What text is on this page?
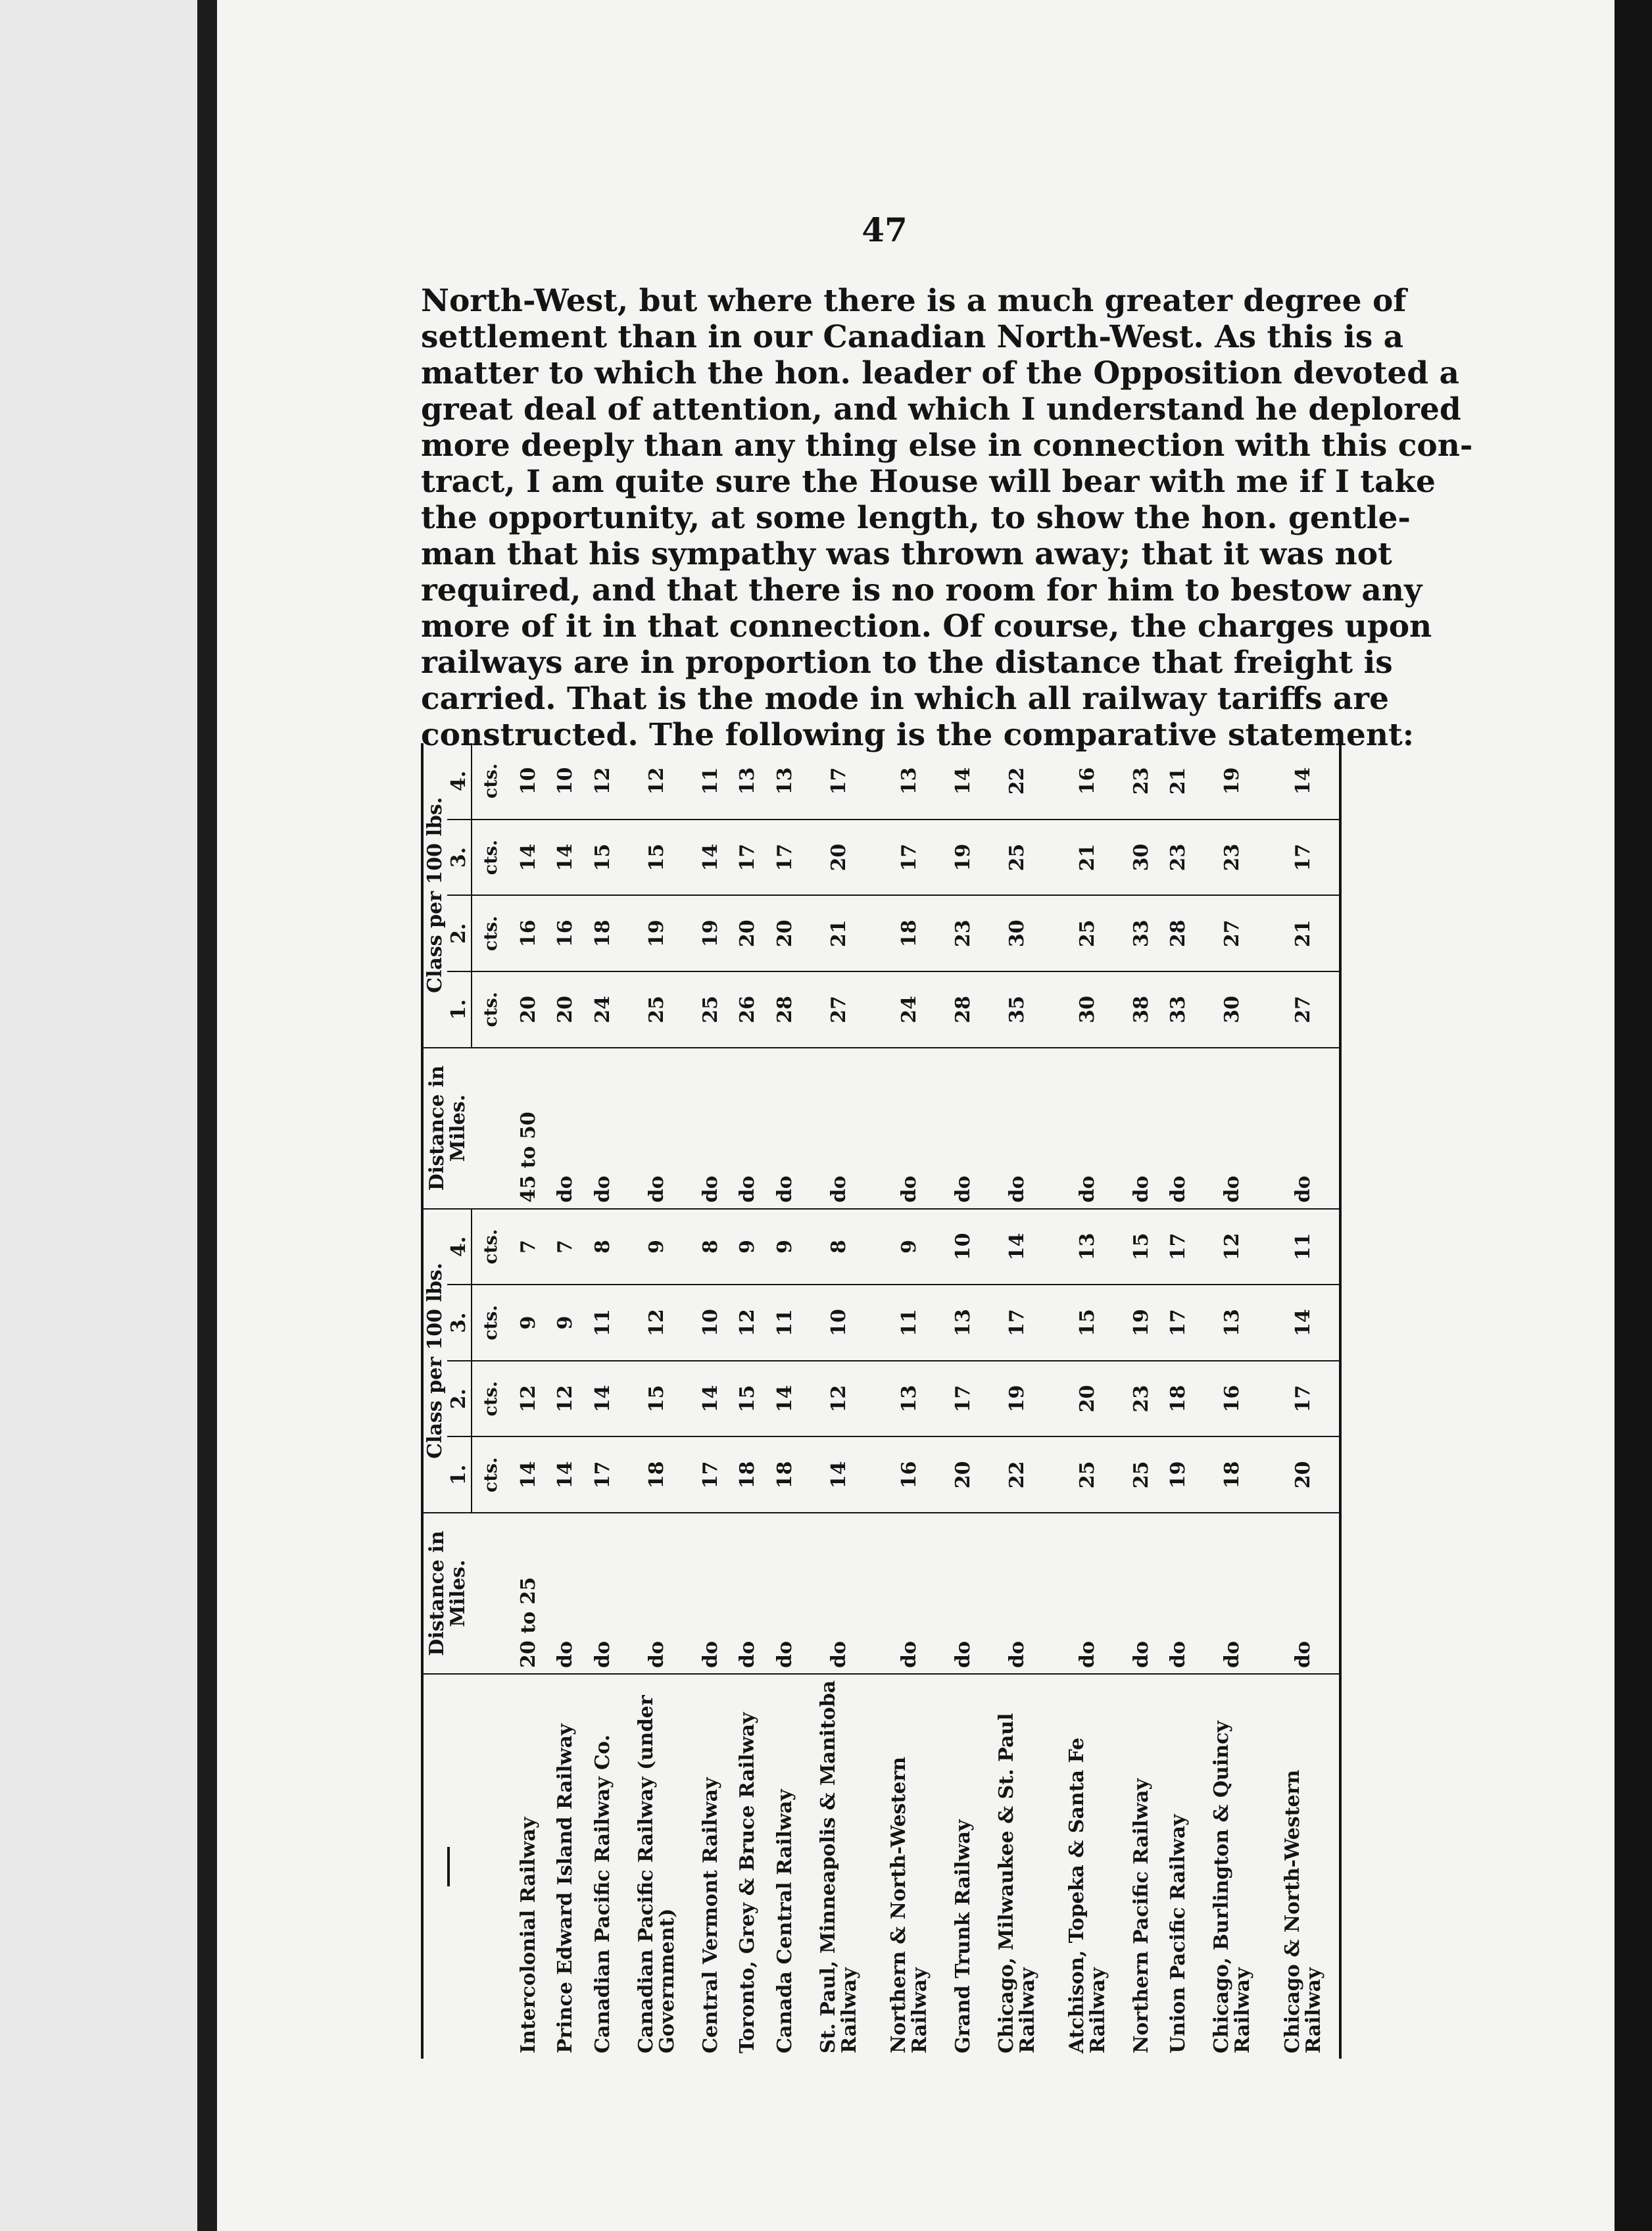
47
North-West, but where there is a much greater degree of
settlement than in our Canadian North-West. As this is a
matter to which the hon. leader of the Opposition devoted a
great deal of attention, and which I understand he deplored
more deeply than any thing else in connection with this con-
tract, I am quite sure the House will bear with me if I take
the opportunity, at some length, to show the hon. gentle-
man that his sympathy was thrown away; that it was not
required, and that there is no room for him to bestow any
more of it in that connection. Of course, the charges upon
railways are in proportion to the distance that freight is
carried. That is the mode in which all railway tariffs are
constructed. The following is the comparative statement:
	Distance in Miles.	Class per 100 lbs.				Distance in Miles.	Class per 100 lbs.			
		1.	2.	3.	4.		1.	2.	3.	4.
		cts.	cts.	cts.	cts.		cts.	cts.	cts.	cts.
Intercolonial Railway	20 to 25	14	12	9	7	45 to 50	20	16	14	10
Prince Edward Island Railway	do	14	12	9	7	do	20	16	14	10
Canadian Pacific Railway Co.	do	17	14	11	8	do	24	18	15	12
Canadian Pacific Railway (under Government)	do	18	15	12	9	do	25	19	15	12
Central Vermont Railway	do	17	14	10	8	do	25	19	14	11
Toronto, Grey & Bruce Railway	do	18	15	12	9	do	26	20	17	13
Canada Central Railway	do	18	14	11	9	do	28	20	17	13
St. Paul, Minneapolis & Manitoba Railway	do	14	12	10	8	do	27	21	20	17
Northern & North-Western Railway	do	16	13	11	9	do	24	18	17	13
Grand Trunk Railway	do	20	17	13	10	do	28	23	19	14
Chicago, Milwaukee & St. Paul Railway	do	22	19	17	14	do	35	30	25	22
Atchison, Topeka & Santa Fe Railway	do	25	20	15	13	do	30	25	21	16
Northern Pacific Railway	do	25	23	19	15	do	38	33	30	23
Union Pacific Railway	do	19	18	17	17	do	33	28	23	21
Chicago, Burlington & Quincy Railway	do	18	16	13	12	do	30	27	23	19
Chicago & North-Western Railway	do	20	17	14	11	do	27	21	17	14
